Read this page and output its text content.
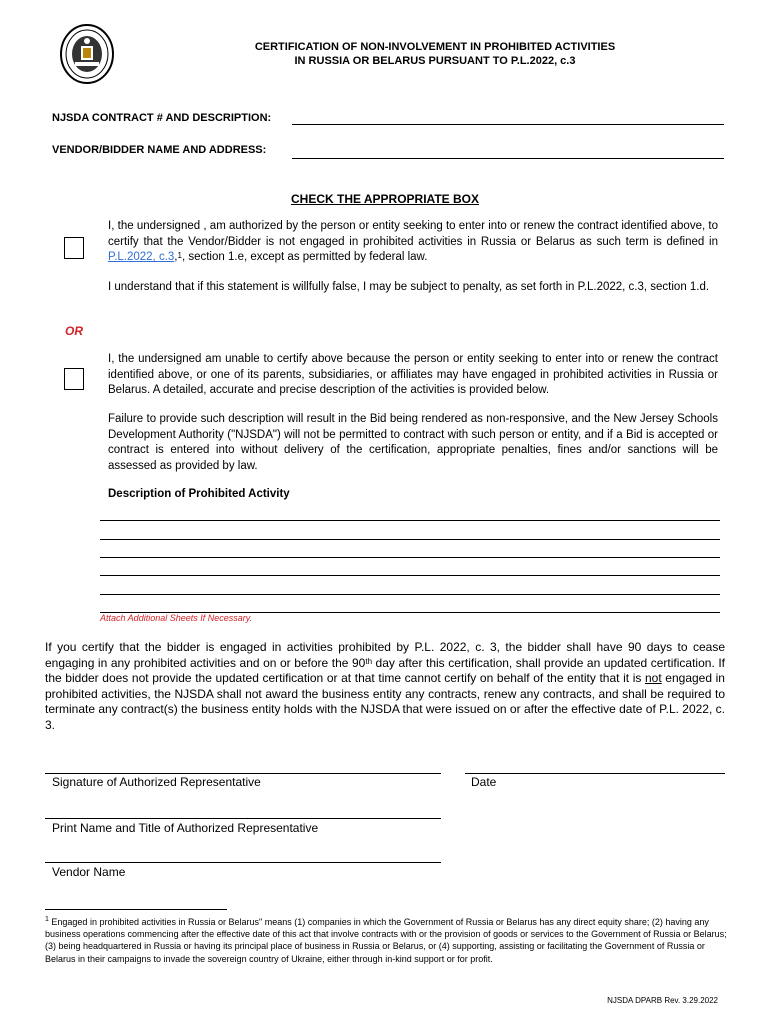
CERTIFICATION OF NON-INVOLVEMENT IN PROHIBITED ACTIVITIES
IN RUSSIA OR BELARUS PURSUANT TO P.L.2022, c.3
NJSDA CONTRACT # AND DESCRIPTION:
VENDOR/BIDDER NAME AND ADDRESS:
CHECK THE APPROPRIATE BOX
I, the undersigned , am authorized by the person or entity seeking to enter into or renew the contract identified above, to certify that the Vendor/Bidder is not engaged in prohibited activities in Russia or Belarus as such term is defined in P.L.2022, c.3,$^1$, section 1.e, except as permitted by federal law.
I understand that if this statement is willfully false, I may be subject to penalty, as set forth in P.L.2022, c.3, section 1.d.
OR
I, the undersigned am unable to certify above because the person or entity seeking to enter into or renew the contract identified above, or one of its parents, subsidiaries, or affiliates may have engaged in prohibited activities in Russia or Belarus. A detailed, accurate and precise description of the activities is provided below.
Failure to provide such description will result in the Bid being rendered as non-responsive, and the New Jersey Schools Development Authority ("NJSDA") will not be permitted to contract with such person or entity, and if a Bid is accepted or contract is entered into without delivery of the certification, appropriate penalties, fines and/or sanctions will be assessed as provided by law.
Description of Prohibited Activity
Attach Additional Sheets If Necessary.
If you certify that the bidder is engaged in activities prohibited by P.L. 2022, c. 3, the bidder shall have 90 days to cease engaging in any prohibited activities and on or before the 90th day after this certification, shall provide an updated certification. If the bidder does not provide the updated certification or at that time cannot certify on behalf of the entity that it is not engaged in prohibited activities, the NJSDA shall not award the business entity any contracts, renew any contracts, and shall be required to terminate any contract(s) the business entity holds with the NJSDA that were issued on or after the effective date of P.L. 2022, c. 3.
Signature of Authorized Representative	Date
Print Name and Title of Authorized Representative
Vendor Name
$^1$ Engaged in prohibited activities in Russia or Belarus" means (1) companies in which the Government of Russia or Belarus has any direct equity share; (2) having any business operations commencing after the effective date of this act that involve contracts with or the provision of goods or services to the Government of Russia or Belarus; (3) being headquartered in Russia or having its principal place of business in Russia or Belarus, or (4) supporting, assisting or facilitating the Government of Russia or Belarus in their campaigns to invade the sovereign country of Ukraine, either through in-kind support or for profit.
NJSDA DPARB Rev. 3.29.2022
